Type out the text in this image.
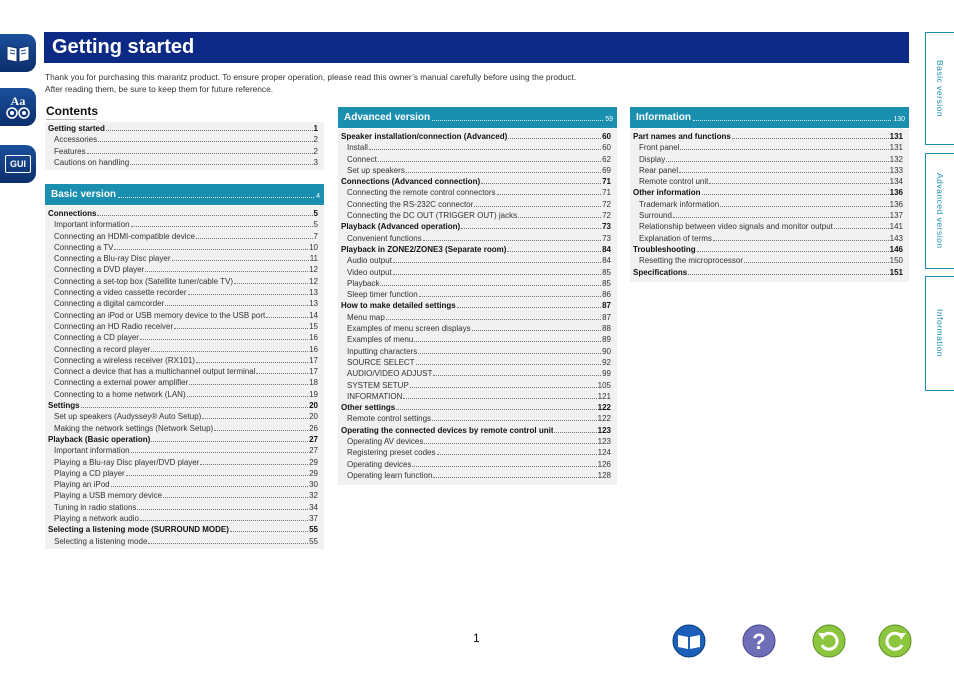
Aa
GUI
Getting started
Thank you for purchasing this marantz product. To ensure proper operation, please read this owner’s manual carefully before using the product.
After reading them, be sure to keep them for future reference.
Contents	Basic version
Advanced version
Information
Getting started	1
Accessories	2
Features	2
Cautions on handling	3
Basic version	4
Connections	5
Important information	5
Connecting an HDMI-compatible device	7
Connecting a TV	10
Connecting a Blu-ray Disc player	11
Connecting a DVD player	12
Connecting a set-top box (Satellite tuner/cable TV)	12
Connecting a video cassette recorder	13
Connecting a digital camcorder	13
Connecting an iPod or USB memory device to the USB port	14
Connecting an HD Radio receiver	15
Connecting a CD player	16
Connecting a record player	16
Connecting a wireless receiver (RX101)	17
Connect a device that has a multichannel output terminal	17
Connecting a external power amplifier	18
Connecting to a home network (LAN)	19
Settings	20
Set up speakers (Audyssey® Auto Setup)	20
Making the network settings (Network Setup)	26
Playback (Basic operation)	27
Important information	27
Playing a Blu-ray Disc player/DVD player	29
Playing a CD player	29
Playing an iPod	30
Playing a USB memory device	32
Tuning in radio stations	34
Playing a network audio	37
Selecting a listening mode (SURROUND MODE)	55
Selecting a listening mode	55
Advanced version	59
Speaker installation/connection (Advanced)	60
Install	60
Connect	62
Set up speakers	69
Connections (Advanced connection)	71
Connecting the remote control connectors	71
Connecting the RS-232C connector	72
Connecting the DC OUT (TRIGGER OUT) jacks	72
Playback (Advanced operation)	73
Convenient functions	73
Playback in ZONE2/ZONE3 (Separate room)	84
Audio output	84
Video output	85
Playback	85
Sleep timer function	86
How to make detailed settings	87
Menu map	87
Examples of menu screen displays	88
Examples of menu	89
Inputting characters	90
SOURCE SELECT	92
AUDIO/VIDEO ADJUST	99
SYSTEM SETUP	105
INFORMATION	121
Other settings	122
Remote control settings	122
Operating the connected devices by remote control unit	123
Operating AV devices	123
Registering preset codes	124
Operating devices	126
Operating learn function	128
Information	130
Part names and functions	131
Front panel	131
Display	132
Rear panel	133
Remote control unit	134
Other information	136
Trademark information	136
Surround	137
Relationship between video signals and monitor output	141
Explanation of terms	143
Troubleshooting	146
Resetting the microprocessor	150
Specifications	151
1	?
